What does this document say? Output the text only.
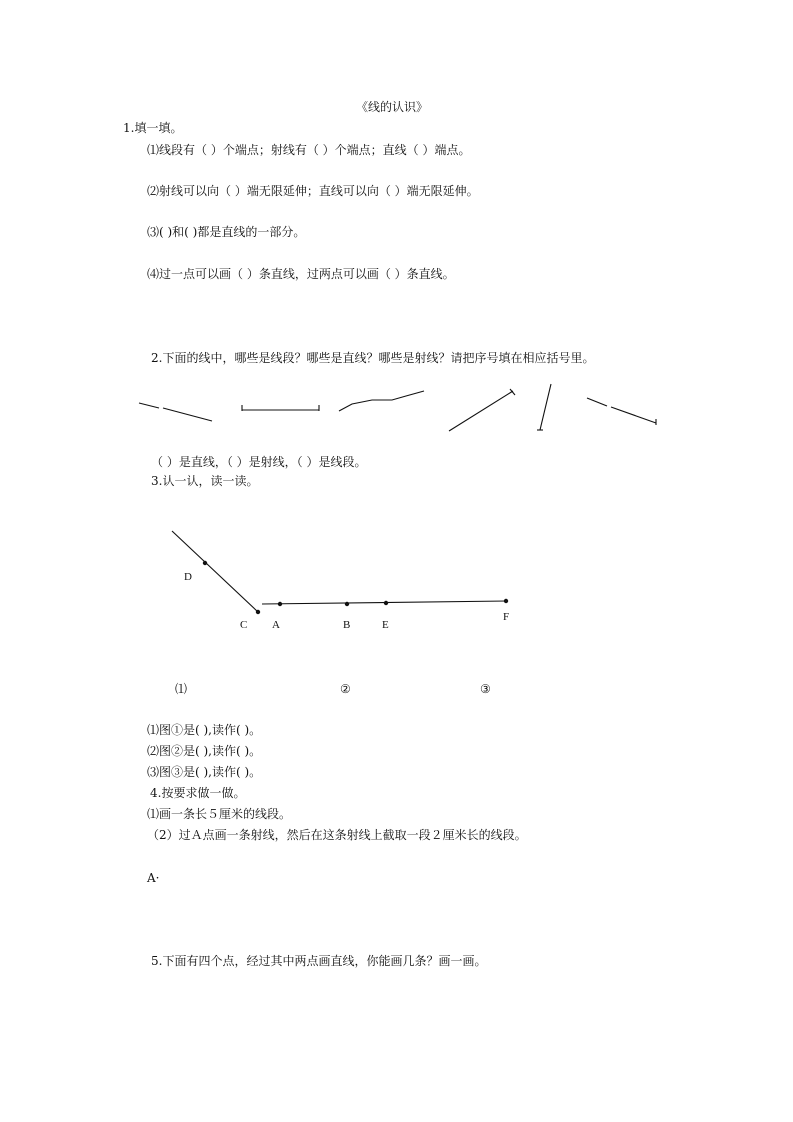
《线的认识》
1.填一填。
⑴线段有（ ）个端点；射线有（ ）个端点；直线（ ）端点。
⑵射线可以向（ ）端无限延伸；直线可以向（ ）端无限延伸。
⑶( )和( )都是直线的一部分。
⑷过一点可以画（ ）条直线，过两点可以画（ ）条直线。
2.下面的线中，哪些是线段？哪些是直线？哪些是射线？请把序号填在相应括号里。
（ ）是直线，（ ）是射线，（ ）是线段。
3.认一认，读一读。
D
C A	B	E
F
⑴	②	③
⑴图①是( ),读作( )。
⑵图②是( ),读作( )。
⑶图③是( ),读作( )。
4.按要求做一做。
⑴画一条长５厘米的线段。
（2）过Ａ点画一条射线，然后在这条射线上截取一段２厘米长的线段。
A·
5.下面有四个点，经过其中两点画直线，你能画几条？画一画。
